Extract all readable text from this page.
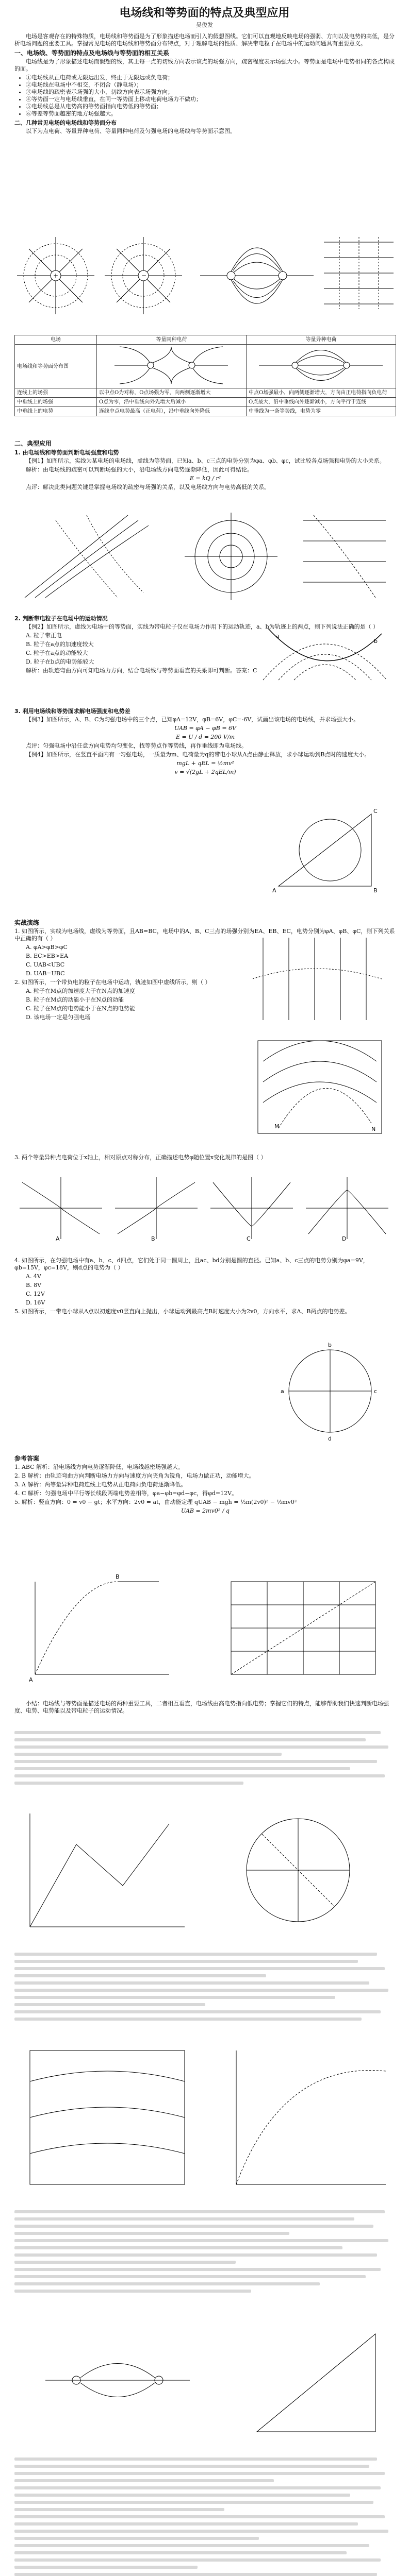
电场线和等势面的特点及典型应用
吴俊发

电场是客观存在的特殊物质，电场线和等势面是为了形象描述电场而引入的假想图线。它们可以直观地反映电场的强弱、方向以及电势的高低，是分析电场问题的重要工具。掌握常见电场的电场线和等势面分布特点，对于理解电场的性质、解决带电粒子在电场中的运动问题具有重要意义。

一、电场线、等势面的特点及电场线与等势面的相互关系

电场线是为了形象描述电场而假想的线，其上每一点的切线方向表示该点的场强方向，疏密程度表示场强大小。等势面是电场中电势相同的各点构成的面。

• ①电场线从正电荷或无限远出发，终止于无限远或负电荷；
• ②电场线在电场中不相交，不闭合（静电场）；
• ③电场线的疏密表示场强的大小，切线方向表示场强方向；
• ④等势面一定与电场线垂直，在同一等势面上移动电荷电场力不做功；
• ⑤电场线总是从电势高的等势面指向电势低的等势面；
• ⑥等差等势面越密的地方场强越大。
二、几种常见电场的电场线和等势面分布

以下为点电荷、等量异种电荷、等量同种电荷及匀强电场的电场线与等势面示意图。

+	−
电场	等量同种电荷	等量异种电荷
电场线和等势面分布图		
连线上的场强	以中点O为对称，O点场强为零，向两侧逐渐增大	中点O场强最小，向两侧逐渐增大，方向由正电荷指向负电荷
中垂线上的场强	O点为零，沿中垂线向外先增大后减小	O点最大，沿中垂线向外逐渐减小，方向平行于连线
中垂线上的电势	连线中点电势最高（正电荷），沿中垂线向外降低	中垂线为一条等势线，电势为零
二、典型应用
1. 由电场线和等势面判断电场强度和电势

【例1】如图所示，实线为某电场的电场线，虚线为等势面，已知a、b、c三点的电势分别为φa、φb、φc，试比较各点场强和电势的大小关系。

解析：由电场线的疏密可以判断场强的大小，沿电场线方向电势逐渐降低，因此可得结论。

E = kQ / r²

点评：解决此类问题关键是掌握电场线的疏密与场强的关系，以及电场线方向与电势高低的关系。

2. 判断带电粒子在电场中的运动情况

【例2】如图所示，虚线为电场中的等势面，实线为带电粒子仅在电场力作用下的运动轨迹，a、b为轨迹上的两点，则下列说法正确的是（ ）

A. 粒子带正电

B. 粒子在a点的加速度较大

C. 粒子在a点的动能较大

D. 粒子在b点的电势能较大

解析：由轨迹弯曲方向可知电场力方向，结合电场线与等势面垂直的关系即可判断。答案：C

a
b
3. 利用电场线和等势面求解电场强度和电势差

【例3】如图所示，A、B、C为匀强电场中的三个点，已知φA=12V，φB=6V，φC=-6V，试画出该电场的电场线，并求场强大小。

UAB = φA − φB = 6V

E = U / d = 200 V/m

点评：匀强电场中沿任意方向电势均匀变化，找等势点作等势线，再作垂线即为电场线。

【例4】如图所示，在竖直平面内有一匀强电场，一质量为m、电荷量为q的带电小球从A点由静止释放，求小球运动到B点时的速度大小。

mgL + qEL = ½mv²

v = √(2gL + 2qEL/m)

A	B
C
实战演练

1. 如图所示，实线为电场线，虚线为等势面，且AB=BC，电场中的A、B、C三点的场强分别为EA、EB、EC，电势分别为φA、φB、φC，则下列关系中正确的有（ ）

A. φA>φB>φC

B. EC>EB>EA

C. UAB<UBC

D. UAB=UBC

2. 如图所示，一个带负电的粒子在电场中运动，轨迹如图中虚线所示，则（ ）

A. 粒子在M点的加速度大于在N点的加速度

B. 粒子在M点的动能小于在N点的动能

C. 粒子在M点的电势能小于在N点的电势能

D. 该电场一定是匀强电场

M	N

3. 两个等量异种点电荷位于x轴上，相对原点对称分布，正确描述电势φ随位置x变化规律的是图（ ）

A	B	C	D

4. 如图所示，在匀强电场中有a、b、c、d四点，它们处于同一圆周上，且ac、bd分别是圆的直径。已知a、b、c三点的电势分别为φa=9V，φb=15V，φc=18V，则d点的电势为（ ）

A. 4V

B. 8V

C. 12V

D. 16V

5. 如图所示，一带电小球从A点以初速度v0竖直向上抛出，小球运动到最高点B时速度大小为2v0，方向水平，求A、B两点的电势差。

a
b
c
d
参考答案

1. ABC 解析：沿电场线方向电势逐渐降低，电场线越密场强越大。

2. B 解析：由轨迹弯曲方向判断电场力方向与速度方向夹角为锐角，电场力做正功，动能增大。

3. A 解析：两等量异种电荷连线上电势从正电荷向负电荷逐渐降低。

4. C 解析：匀强电场中平行等长线段两端电势差相等，φa−φb=φd−φc，得φd=12V。

5. 解析：竖直方向：0 = v0 − gt；水平方向：2v0 = at，由动能定理 qUAB − mgh = ½m(2v0)² − ½mv0²

UAB = 2mv0² / q

A
B

小结：电场线与等势面是描述电场的两种重要工具，二者相互垂直，电场线由高电势指向低电势；掌握它们的特点，能够帮助我们快速判断电场强度、电势、电势能以及带电粒子的运动情况。
